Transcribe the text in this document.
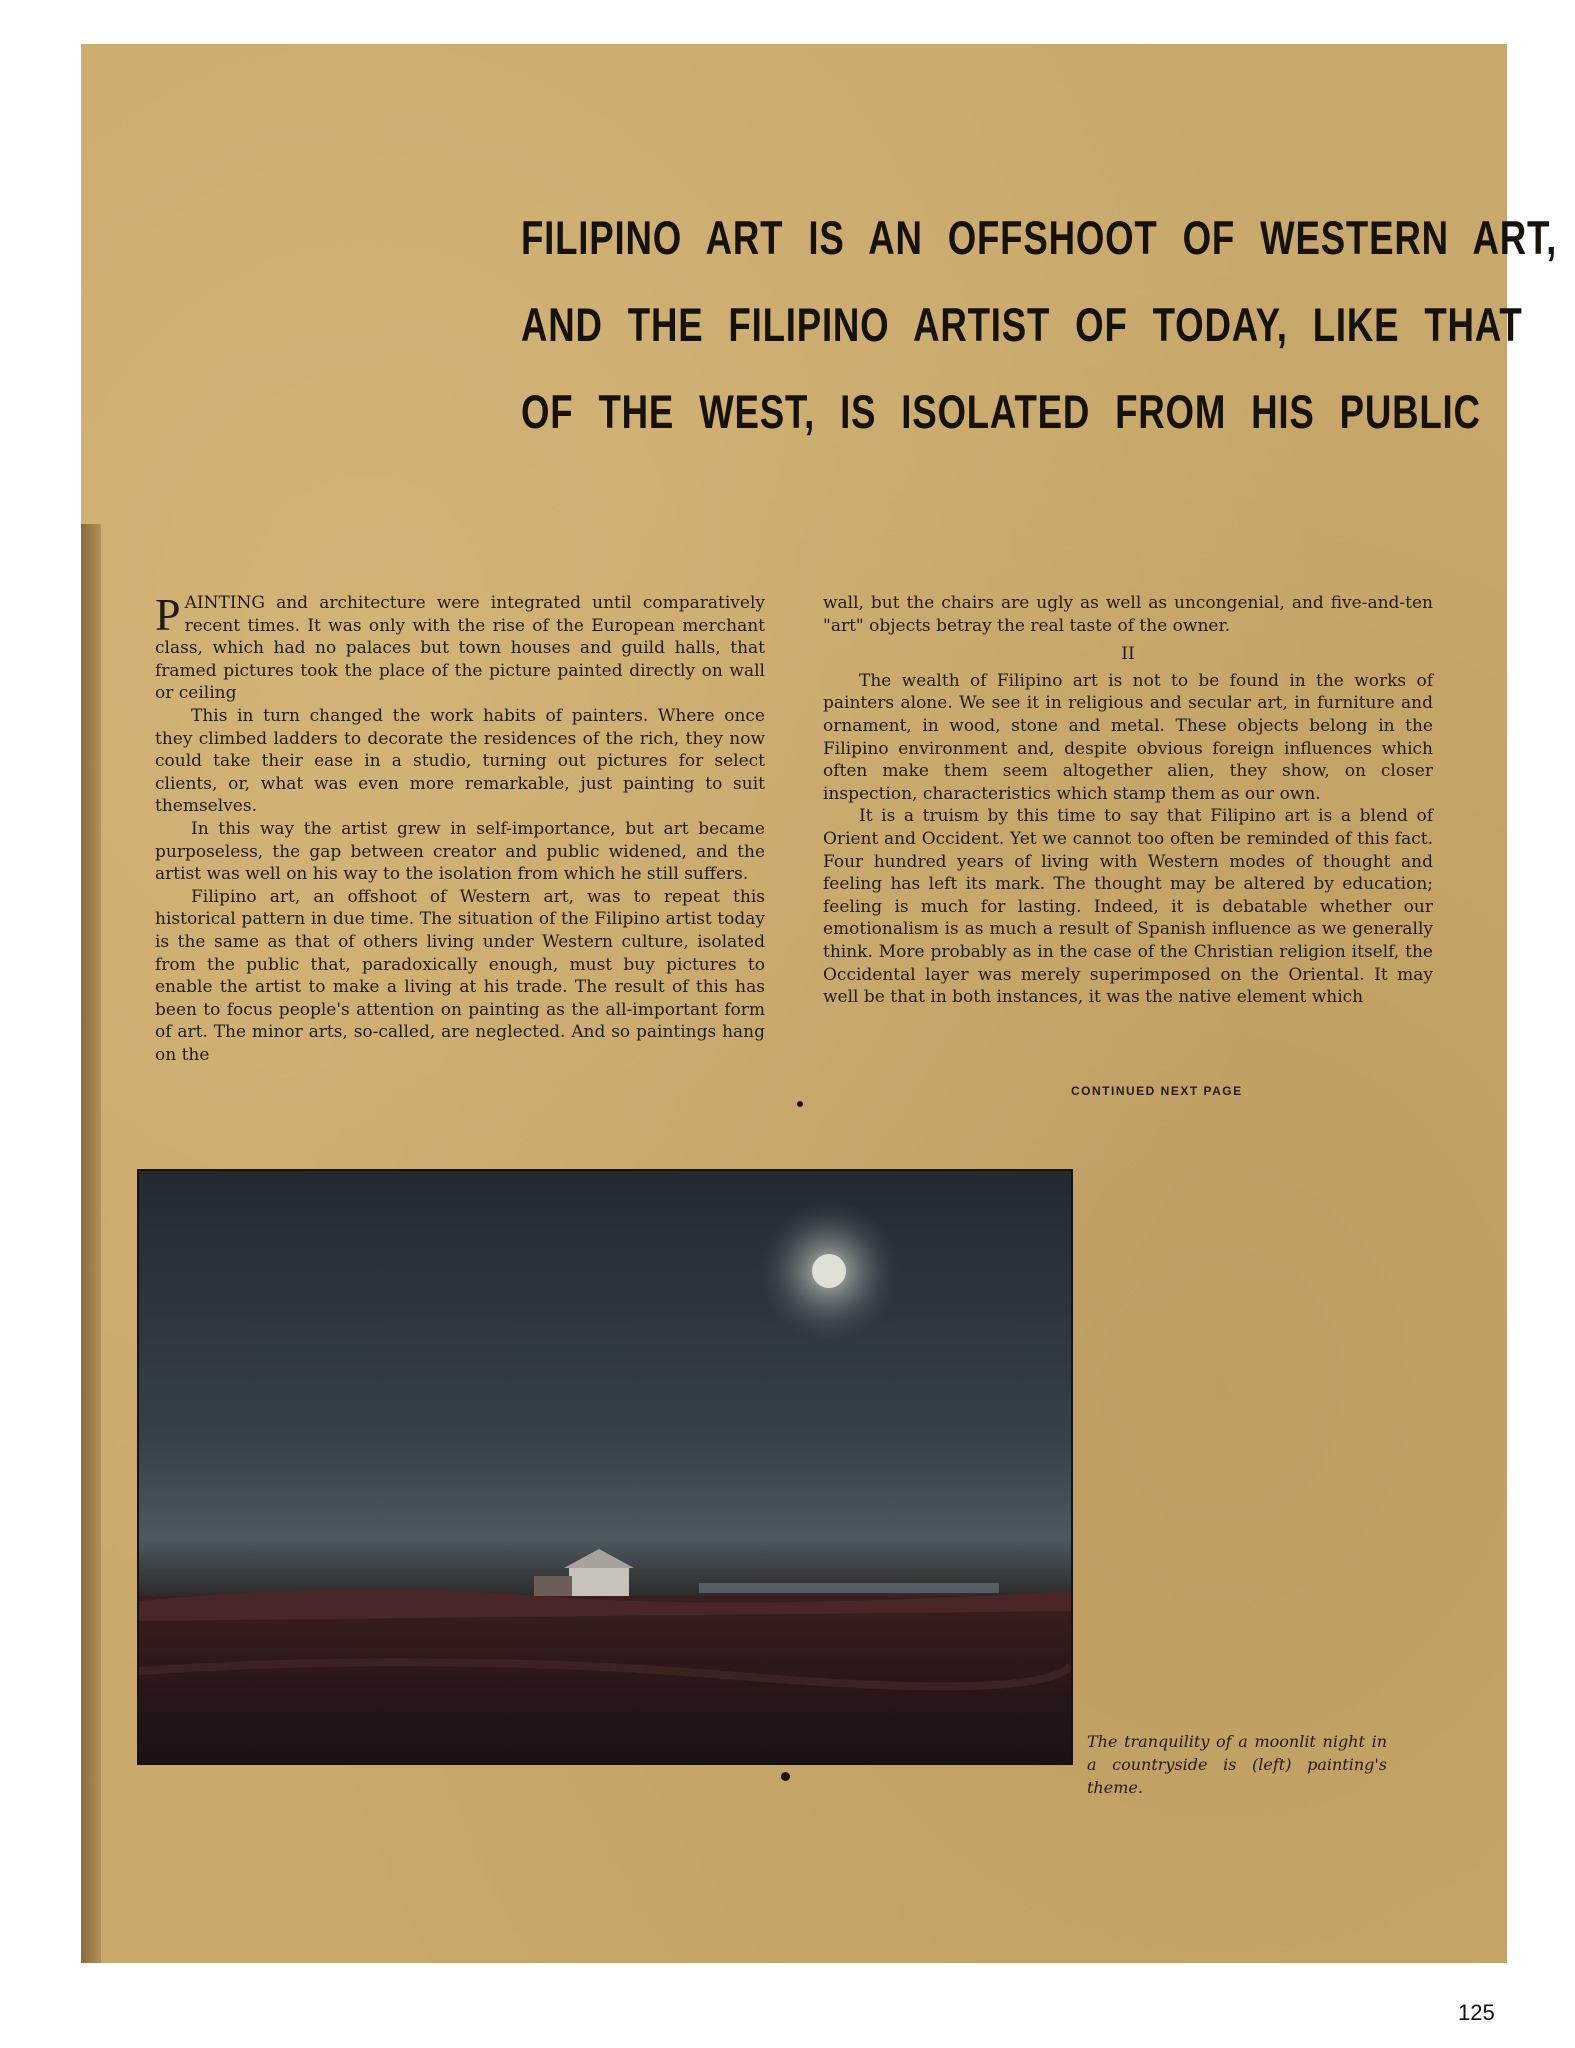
FILIPINO ART IS AN OFFSHOOT OF WESTERN ART,
AND THE FILIPINO ARTIST OF TODAY, LIKE THAT
OF THE WEST, IS ISOLATED FROM HIS PUBLIC

PAINTING and architecture were integrated until comparatively recent times. It was only with the rise of the European merchant class, which had no palaces but town houses and guild halls, that framed pictures took the place of the picture painted directly on wall or ceiling

This in turn changed the work habits of painters. Where once they climbed ladders to decorate the residences of the rich, they now could take their ease in a studio, turning out pictures for select clients, or, what was even more remarkable, just painting to suit themselves.

In this way the artist grew in self-importance, but art became purposeless, the gap between creator and public widened, and the artist was well on his way to the isolation from which he still suffers.

Filipino art, an offshoot of Western art, was to repeat this historical pattern in due time. The situation of the Filipino artist today is the same as that of others living under Western culture, isolated from the public that, paradoxically enough, must buy pictures to enable the artist to make a living at his trade. The result of this has been to focus people's attention on painting as the all-important form of art. The minor arts, so-called, are neglected. And so paintings hang on the

wall, but the chairs are ugly as well as uncongenial, and five-and-ten "art" objects betray the real taste of the owner.

II

The wealth of Filipino art is not to be found in the works of painters alone. We see it in religious and secular art, in furniture and ornament, in wood, stone and metal. These objects belong in the Filipino environment and, despite obvious foreign influences which often make them seem altogether alien, they show, on closer inspection, characteristics which stamp them as our own.

It is a truism by this time to say that Filipino art is a blend of Orient and Occident. Yet we cannot too often be reminded of this fact. Four hundred years of living with Western modes of thought and feeling has left its mark. The thought may be altered by education; feeling is much for lasting. Indeed, it is debatable whether our emotionalism is as much a result of Spanish influence as we generally think. More probably as in the case of the Christian religion itself, the Occidental layer was merely superimposed on the Oriental. It may well be that in both instances, it was the native element which

CONTINUED NEXT PAGE
The tranquility of a moonlit night in a countryside is (left) painting's theme.
125
